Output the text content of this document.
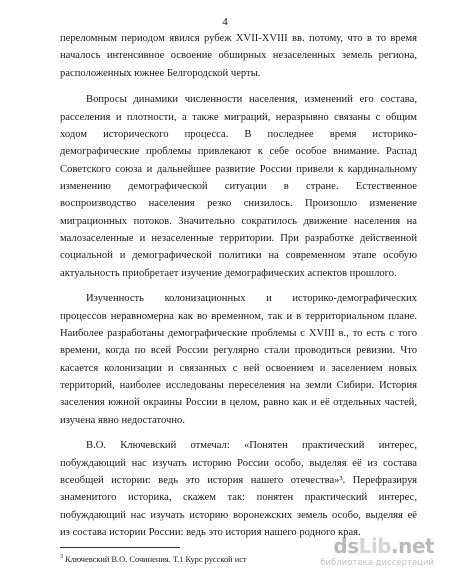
4
переломным периодом явился рубеж XVII-XVIII вв. потому, что в то время
началось интенсивное освоение обширных незаселенных земель региона,
расположенных южнее Белгородской черты.
Вопросы динамики численности населения, изменений его состава,
расселения и плотности, а также миграций, неразрывно связаны с общим
ходом исторического процесса. В последнее время историко-
демографические проблемы привлекают к себе особое внимание. Распад
Советского союза и дальнейшее развитие России привели к кардинальному
изменению демографической ситуации в стране. Естественное
воспроизводство населения резко снизилось. Произошло изменение
миграционных потоков. Значительно сократилось движение населения на
малозаселенные и незаселенные территории. При разработке действенной
социальной и демографической политики на современном этапе особую
актуальность приобретает изучение демографических аспектов прошлого.
Изученность колонизационных и историко-демографических
процессов неравномерна как во временном, так и в территориальном плане.
Наиболее разработаны демографические проблемы с XVIII в., то есть с того
времени, когда по всей России регулярно стали проводиться ревизии. Что
касается колонизации и связанных с ней освоением и заселением новых
территорий, наиболее исследованы переселения на земли Сибири. История
заселения южной окраины России в целом, равно как и её отдельных частей,
изучена явно недостаточно.
В.О. Ключевский отмечал: «Понятен практический интерес,
побуждающий нас изучать историю России особо, выделяя её из состава
всеобщей истории: ведь это история нашего отечества»³. Перефразируя
знаменитого историка, скажем так: понятен практический интерес,
побуждающий нас изучать историю воронежских земель особо, выделяя её
из состава истории России: ведь это история нашего родного края.
$^3$ Ключевский В.О. Сочинения. Т.1 Курс русской ист
dsLib.net
библиотека диссертаций
